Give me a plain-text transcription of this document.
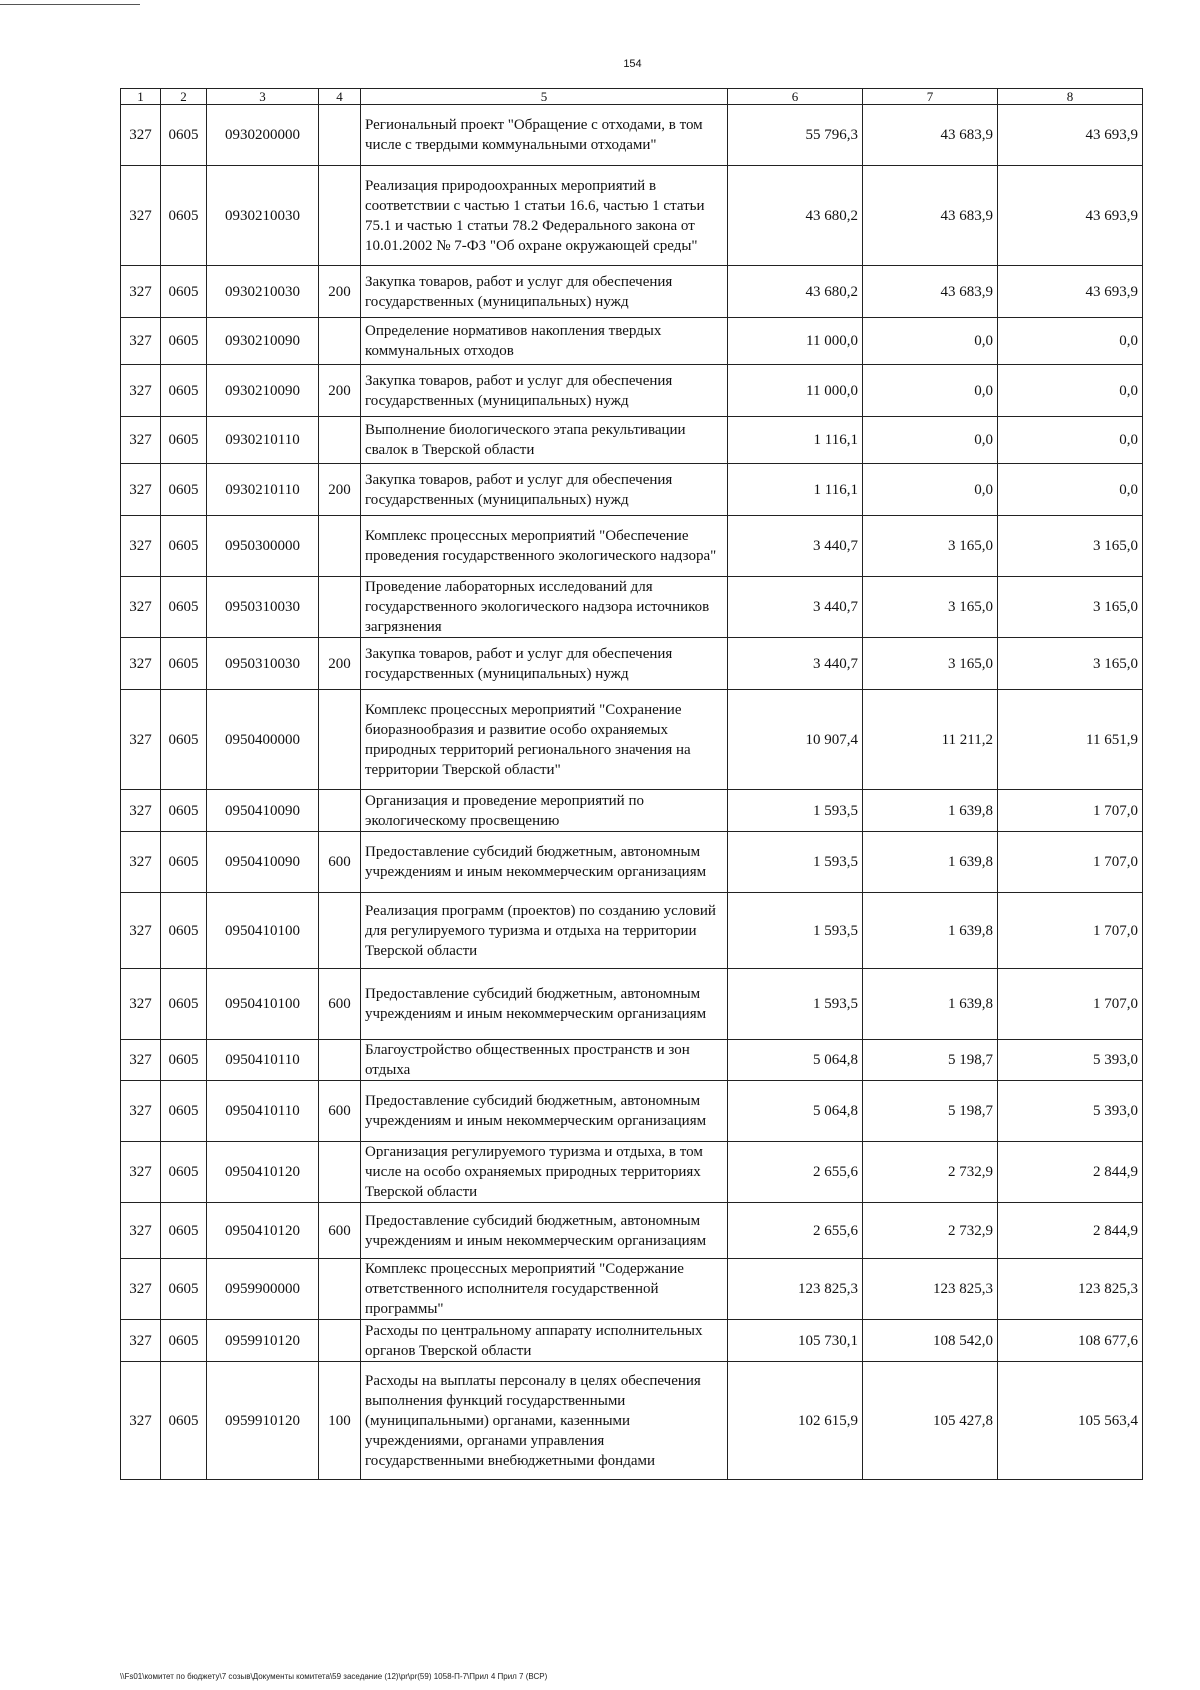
154
1	2	3	4	5	6	7	8
327	0605	0930200000		Региональный проект "Обращение с отходами, в том числе с твердыми коммунальными отходами"	55 796,3	43 683,9	43 693,9
327	0605	0930210030		Реализация природоохранных мероприятий в соответствии с частью 1 статьи 16.6, частью 1 статьи 75.1 и частью 1 статьи 78.2 Федерального закона от 10.01.2002 № 7-ФЗ "Об охране окружающей среды"	43 680,2	43 683,9	43 693,9
327	0605	0930210030	200	Закупка товаров, работ и услуг для обеспечения государственных (муниципальных) нужд	43 680,2	43 683,9	43 693,9
327	0605	0930210090		Определение нормативов накопления твердых коммунальных отходов	11 000,0	0,0	0,0
327	0605	0930210090	200	Закупка товаров, работ и услуг для обеспечения государственных (муниципальных) нужд	11 000,0	0,0	0,0
327	0605	0930210110		Выполнение биологического этапа рекультивации свалок в Тверской области	1 116,1	0,0	0,0
327	0605	0930210110	200	Закупка товаров, работ и услуг для обеспечения государственных (муниципальных) нужд	1 116,1	0,0	0,0
327	0605	0950300000		Комплекс процессных мероприятий "Обеспечение проведения государственного экологического надзора"	3 440,7	3 165,0	3 165,0
327	0605	0950310030		Проведение лабораторных исследований для государственного экологического надзора источников загрязнения	3 440,7	3 165,0	3 165,0
327	0605	0950310030	200	Закупка товаров, работ и услуг для обеспечения государственных (муниципальных) нужд	3 440,7	3 165,0	3 165,0
327	0605	0950400000		Комплекс процессных мероприятий "Сохранение биоразнообразия и развитие особо охраняемых природных территорий регионального значения на территории Тверской области"	10 907,4	11 211,2	11 651,9
327	0605	0950410090		Организация и проведение мероприятий по экологическому просвещению	1 593,5	1 639,8	1 707,0
327	0605	0950410090	600	Предоставление субсидий бюджетным, автономным учреждениям и иным некоммерческим организациям	1 593,5	1 639,8	1 707,0
327	0605	0950410100		Реализация программ (проектов) по созданию условий для регулируемого туризма и отдыха на территории Тверской области	1 593,5	1 639,8	1 707,0
327	0605	0950410100	600	Предоставление субсидий бюджетным, автономным учреждениям и иным некоммерческим организациям	1 593,5	1 639,8	1 707,0
327	0605	0950410110		Благоустройство общественных пространств и зон отдыха	5 064,8	5 198,7	5 393,0
327	0605	0950410110	600	Предоставление субсидий бюджетным, автономным учреждениям и иным некоммерческим организациям	5 064,8	5 198,7	5 393,0
327	0605	0950410120		Организация регулируемого туризма и отдыха, в том числе на особо охраняемых природных территориях Тверской области	2 655,6	2 732,9	2 844,9
327	0605	0950410120	600	Предоставление субсидий бюджетным, автономным учреждениям и иным некоммерческим организациям	2 655,6	2 732,9	2 844,9
327	0605	0959900000		Комплекс процессных мероприятий "Содержание ответственного исполнителя государственной программы"	123 825,3	123 825,3	123 825,3
327	0605	0959910120		Расходы по центральному аппарату исполнительных органов Тверской области	105 730,1	108 542,0	108 677,6
327	0605	0959910120	100	Расходы на выплаты персоналу в целях обеспечения выполнения функций государственными (муниципальными) органами, казенными учреждениями, органами управления государственными внебюджетными фондами	102 615,9	105 427,8	105 563,4
\\Fs01\комитет по бюджету\7 созыв\Документы комитета\59 заседание (12)\pr\pr(59) 1058-П-7\Прил 4 Прил 7 (ВСР)
